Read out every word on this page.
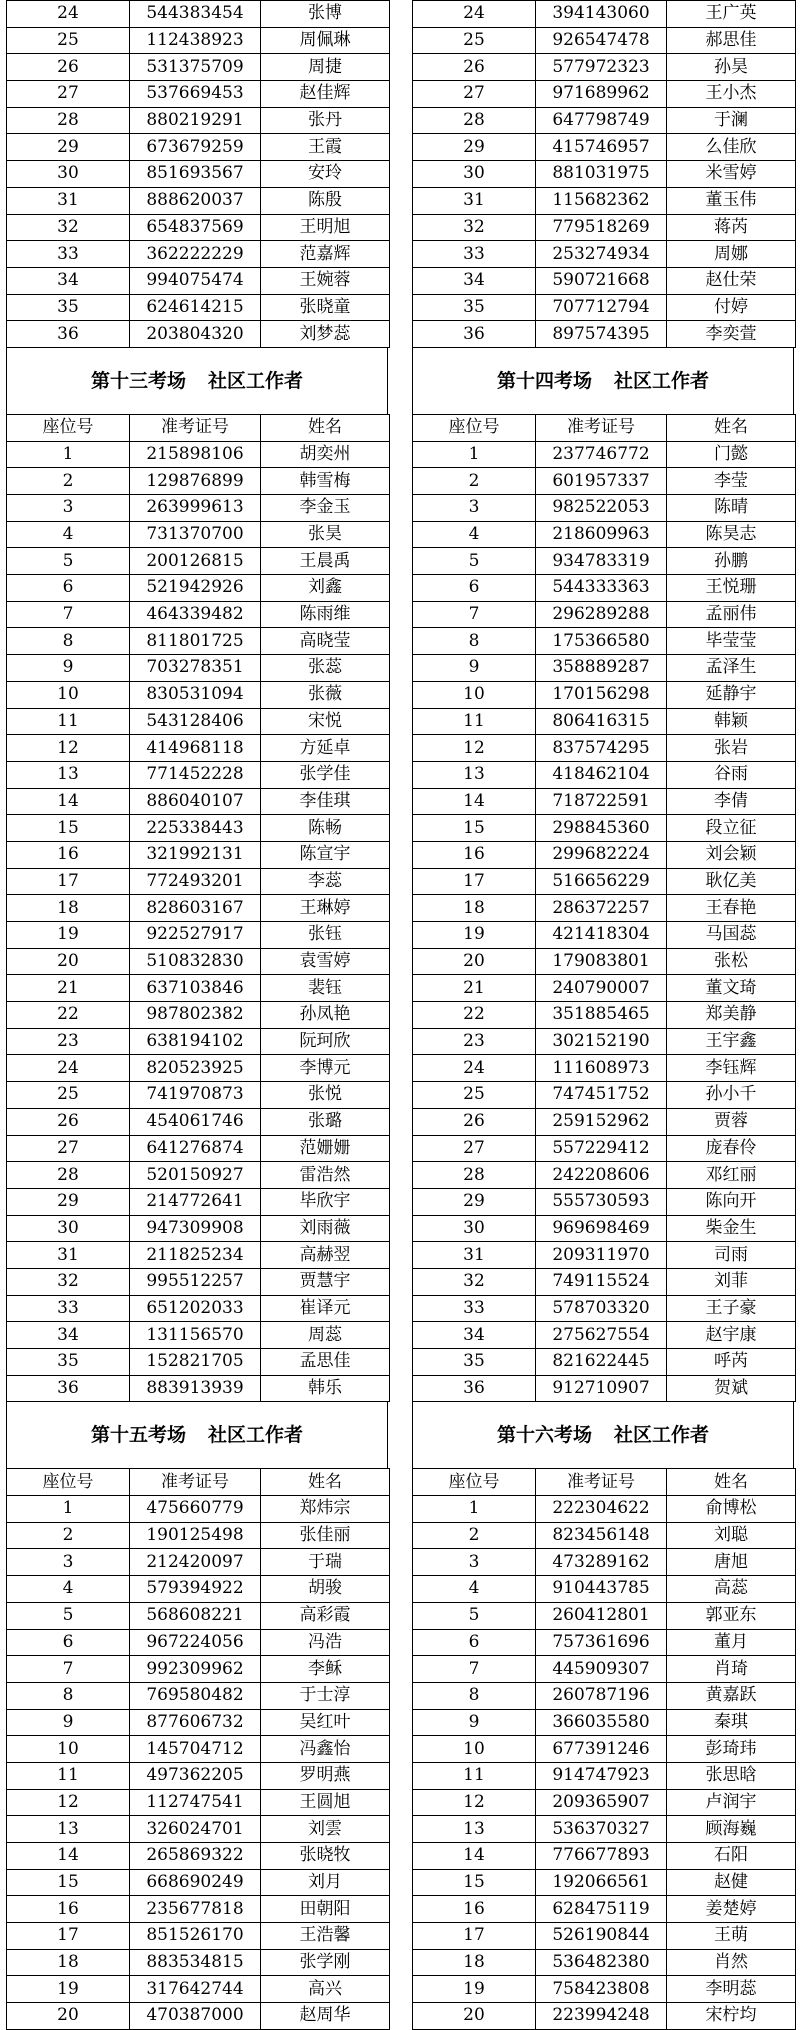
24	544383454	张博
25	112438923	周佩琳
26	531375709	周捷
27	537669453	赵佳辉
28	880219291	张丹
29	673679259	王霞
30	851693567	安玲
31	888620037	陈殷
32	654837569	王明旭
33	362222229	范嘉辉
34	994075474	王婉蓉
35	624614215	张晓童
36	203804320	刘梦蕊
第十三考场 社区工作者
座位号	准考证号	姓名
1	215898106	胡奕州
2	129876899	韩雪梅
3	263999613	李金玉
4	731370700	张昊
5	200126815	王晨禹
6	521942926	刘鑫
7	464339482	陈雨维
8	811801725	高晓莹
9	703278351	张蕊
10	830531094	张薇
11	543128406	宋悦
12	414968118	方延卓
13	771452228	张学佳
14	886040107	李佳琪
15	225338443	陈畅
16	321992131	陈宣宇
17	772493201	李蕊
18	828603167	王琳婷
19	922527917	张钰
20	510832830	袁雪婷
21	637103846	裴钰
22	987802382	孙凤艳
23	638194102	阮珂欣
24	820523925	李博元
25	741970873	张悦
26	454061746	张璐
27	641276874	范姗姗
28	520150927	雷浩然
29	214772641	毕欣宇
30	947309908	刘雨薇
31	211825234	高赫翌
32	995512257	贾慧宇
33	651202033	崔译元
34	131156570	周蕊
35	152821705	孟思佳
36	883913939	韩乐
第十五考场 社区工作者
座位号	准考证号	姓名
1	475660779	郑炜宗
2	190125498	张佳丽
3	212420097	于瑞
4	579394922	胡骏
5	568608221	高彩霞
6	967224056	冯浩
7	992309962	李稣
8	769580482	于士淳
9	877606732	吴红叶
10	145704712	冯鑫怡
11	497362205	罗明燕
12	112747541	王圆旭
13	326024701	刘雲
14	265869322	张晓牧
15	668690249	刘月
16	235677818	田朝阳
17	851526170	王浩馨
18	883534815	张学刚
19	317642744	高兴
20	470387000	赵周华
24	394143060	王广英
25	926547478	郝思佳
26	577972323	孙昊
27	971689962	王小杰
28	647798749	于澜
29	415746957	么佳欣
30	881031975	米雪婷
31	115682362	董玉伟
32	779518269	蒋芮
33	253274934	周娜
34	590721668	赵仕荣
35	707712794	付婷
36	897574395	李奕萱
第十四考场 社区工作者
座位号	准考证号	姓名
1	237746772	门懿
2	601957337	李莹
3	982522053	陈晴
4	218609963	陈昊志
5	934783319	孙鹏
6	544333363	王悦珊
7	296289288	孟丽伟
8	175366580	毕莹莹
9	358889287	孟泽生
10	170156298	延静宇
11	806416315	韩颖
12	837574295	张岩
13	418462104	谷雨
14	718722591	李倩
15	298845360	段立征
16	299682224	刘会颖
17	516656229	耿亿美
18	286372257	王春艳
19	421418304	马国蕊
20	179083801	张松
21	240790007	董文琦
22	351885465	郑美静
23	302152190	王宇鑫
24	111608973	李钰辉
25	747451752	孙小千
26	259152962	贾蓉
27	557229412	庞春伶
28	242208606	邓红丽
29	555730593	陈向开
30	969698469	柴金生
31	209311970	司雨
32	749115524	刘菲
33	578703320	王子豪
34	275627554	赵宇康
35	821622445	呼芮
36	912710907	贺斌
第十六考场 社区工作者
座位号	准考证号	姓名
1	222304622	俞博松
2	823456148	刘聪
3	473289162	唐旭
4	910443785	高蕊
5	260412801	郭亚东
6	757361696	董月
7	445909307	肖琦
8	260787196	黄嘉跃
9	366035580	秦琪
10	677391246	彭琦玮
11	914747923	张思晗
12	209365907	卢润宇
13	536370327	顾海巍
14	776677893	石阳
15	192066561	赵健
16	628475119	姜楚婷
17	526190844	王萌
18	536482380	肖然
19	758423808	李明蕊
20	223994248	宋柠均
